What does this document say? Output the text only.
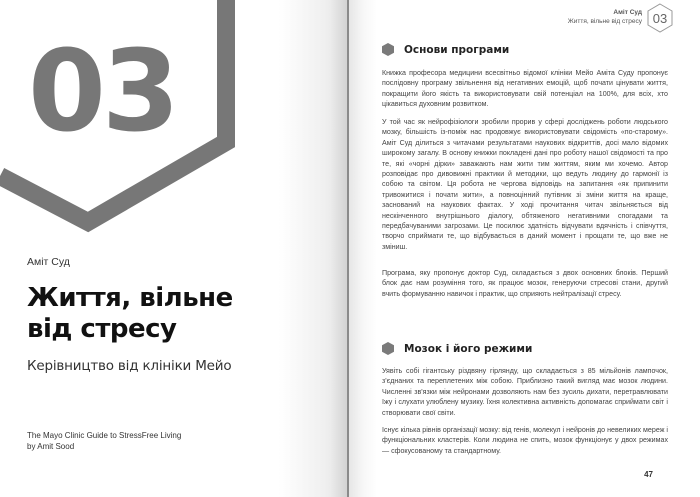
03
Аміт Суд
Життя, вільне
від стресу
Керівництво від клініки Мейо
The Mayo Clinic Guide to StressFree Living
by Amit Sood
Аміт Суд
Життя, вільне від стресу 03
Основи програми
Книжка професора медицини всесвітньо відомої клініки Мейо Аміта Суду пропонує послідовну програму звільнення від негативних емоцій, щоб почати цінувати життя, покращити його якість та використовувати свій потенціал на 100%, для всіх, хто цікавиться духовним розвитком.
У той час як нейрофізіологи зробили прорив у сфері досліджень роботи людського мозку, більшість із-поміж нас продовжує використовувати свідомість «по-старому». Аміт Суд ділиться з читачами результатами наукових відкриттів, досі мало відомих широкому загалу. В основу книжки покладені дані про роботу нашої свідомості та про те, які «чорні дірки» заважають нам жити тим життям, яким ми хочемо. Автор розповідає про дивовижні практики й методики, що ведуть людину до гармонії із собою та світом. Ця робота не чергова відповідь на запитання «як припинити тривожитися і почати жити», а повноцінний путівник зі зміни життя на краще, заснований на наукових фактах. У ході прочитання читач звільняється від нескінченного внутрішнього діалогу, обтяженого негативними спогадами та передбачуваними загрозами. Це посилює здатність відчувати вдячність і співчуття, творчо сприймати те, що відбувається в даний момент і прощати те, що вже не зміниш.
Програма, яку пропонує доктор Суд, складається з двох основних блоків. Перший блок дає нам розуміння того, як працює мозок, генеруючи стресові стани, другий вчить формуванню навичок і практик, що сприяють нейтралізації стресу.
Мозок і його режими
Уявіть собі гігантську різдвяну гірлянду, що складається з 85 мільйонів лампочок, з'єднаних та переплетених між собою. Приблизно такий вигляд має мозок людини. Численні зв'язки між нейронами дозволяють нам без зусиль дихати, перетравлювати їжу і слухати улюблену музику. Їхня колективна активність допомагає сприймати світ і створювати свої світи.
Існує кілька рівнів організації мозку: від генів, молекул і нейронів до невеликих мереж і функціональних кластерів. Коли людина не спить, мозок функціонує у двох режимах — сфокусованому та стандартному.
47
